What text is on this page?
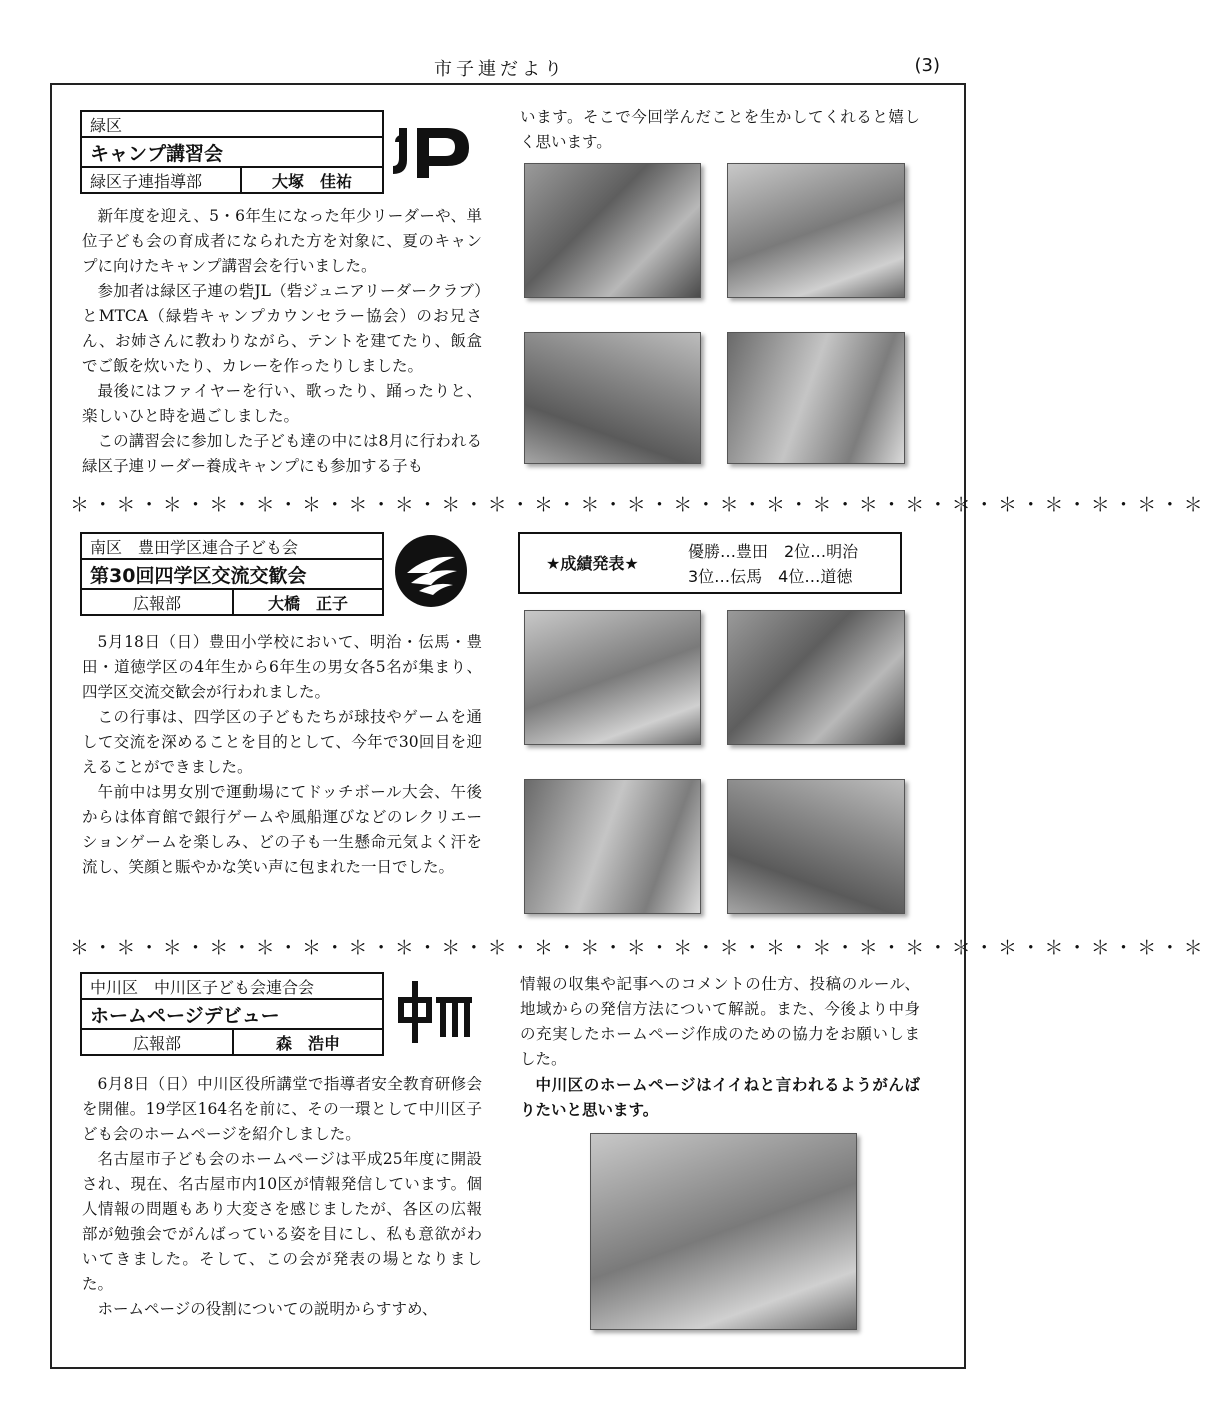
市子連だより	(3)
緑区
キャンプ講習会
緑区子連指導部	大塚　佳祐

新年度を迎え、5・6年生になった年少リーダーや、単位子ども会の育成者になられた方を対象に、夏のキャンプに向けたキャンプ講習会を行いました。

参加者は緑区子連の砦JL（砦ジュニアリーダークラブ）とMTCA（緑砦キャンプカウンセラー協会）のお兄さん、お姉さんに教わりながら、テントを建てたり、飯盒でご飯を炊いたり、カレーを作ったりしました。

最後にはファイヤーを行い、歌ったり、踊ったりと、楽しいひと時を過ごしました。

この講習会に参加した子ども達の中には8月に行われる緑区子連リーダー養成キャンプにも参加する子も

います。そこで今回学んだことを生かしてくれると嬉しく思います。

＊・＊・＊・＊・＊・＊・＊・＊・＊・＊・＊・＊・＊・＊・＊・＊・＊・＊・＊・＊・＊・＊・＊・＊・＊
南区　豊田学区連合子ども会
第30回四学区交流交歓会
広報部	大橋　正子
★成績発表★
優勝…豊田　2位…明治
3位…伝馬　4位…道徳

5月18日（日）豊田小学校において、明治・伝馬・豊田・道徳学区の4年生から6年生の男女各5名が集まり、四学区交流交歓会が行われました。

この行事は、四学区の子どもたちが球技やゲームを通して交流を深めることを目的として、今年で30回目を迎えることができました。

午前中は男女別で運動場にてドッチボール大会、午後からは体育館で銀行ゲームや風船運びなどのレクリエーションゲームを楽しみ、どの子も一生懸命元気よく汗を流し、笑顔と賑やかな笑い声に包まれた一日でした。

＊・＊・＊・＊・＊・＊・＊・＊・＊・＊・＊・＊・＊・＊・＊・＊・＊・＊・＊・＊・＊・＊・＊・＊・＊
中川区　中川区子ども会連合会
ホームページデビュー
広報部	森　浩申

6月8日（日）中川区役所講堂で指導者安全教育研修会を開催。19学区164名を前に、その一環として中川区子ども会のホームページを紹介しました。

名古屋市子ども会のホームページは平成25年度に開設され、現在、名古屋市内10区が情報発信しています。個人情報の問題もあり大変さを感じましたが、各区の広報部が勉強会でがんばっている姿を目にし、私も意欲がわいてきました。そして、この会が発表の場となりました。

ホームページの役割についての説明からすすめ、

情報の収集や記事へのコメントの仕方、投稿のルール、地域からの発信方法について解説。また、今後より中身の充実したホームページ作成のための協力をお願いしました。

中川区のホームページはイイねと言われるようがんばりたいと思います。
